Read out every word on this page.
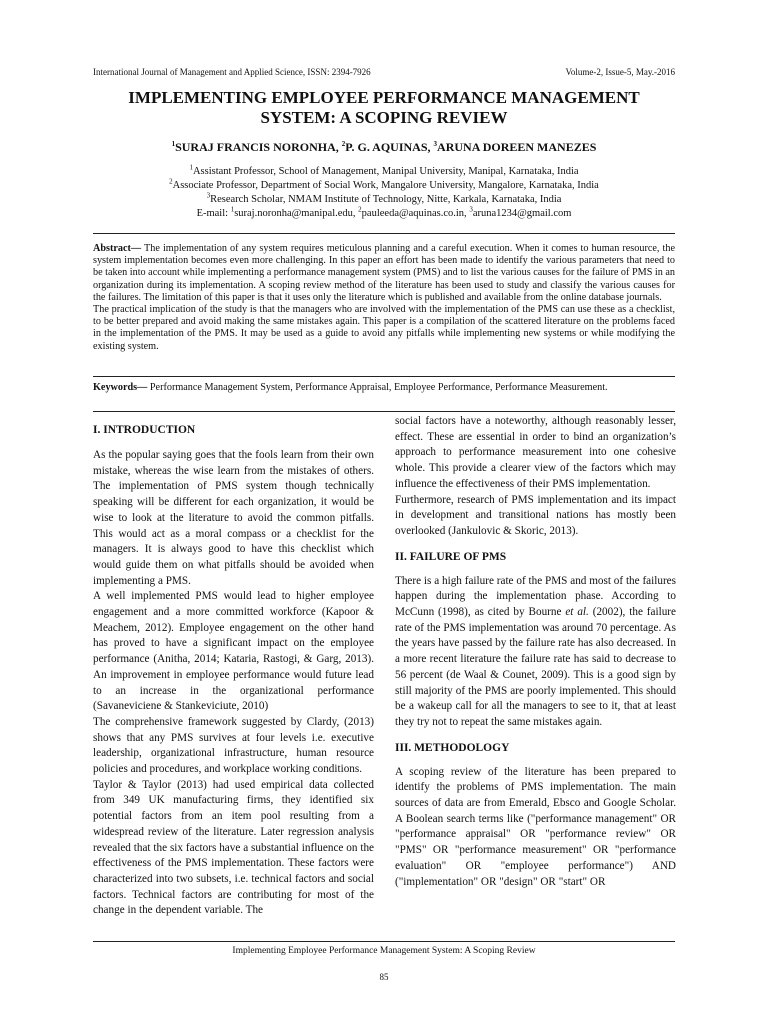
International Journal of Management and Applied Science, ISSN: 2394-7926	Volume-2, Issue-5, May.-2016
IMPLEMENTING EMPLOYEE PERFORMANCE MANAGEMENT
SYSTEM: A SCOPING REVIEW
$^1$SURAJ FRANCIS NORONHA, $^2$P. G. AQUINAS, $^3$ARUNA DOREEN MANEZES
$^1$Assistant Professor, School of Management, Manipal University, Manipal, Karnataka, India
$^2$Associate Professor, Department of Social Work, Mangalore University, Mangalore, Karnataka, India
$^3$Research Scholar, NMAM Institute of Technology, Nitte, Karkala, Karnataka, India
E-mail: $^1$suraj.noronha@manipal.edu, $^2$pauleeda@aquinas.co.in, $^3$aruna1234@gmail.com

Abstract— The implementation of any system requires meticulous planning and a careful execution. When it comes to human resource, the system implementation becomes even more challenging. In this paper an effort has been made to identify the various parameters that need to be taken into account while implementing a performance management system (PMS) and to list the various causes for the failure of PMS in an organization during its implementation. A scoping review method of the literature has been used to study and classify the various causes for the failures. The limitation of this paper is that it uses only the literature which is published and available from the online database journals.

The practical implication of the study is that the managers who are involved with the implementation of the PMS can use these as a checklist, to be better prepared and avoid making the same mistakes again. This paper is a compilation of the scattered literature on the problems faced in the implementation of the PMS. It may be used as a guide to avoid any pitfalls while implementing new systems or while modifying the existing system.

Keywords— Performance Management System, Performance Appraisal, Employee Performance, Performance Measurement.
I. INTRODUCTION

As the popular saying goes that the fools learn from their own mistake, whereas the wise learn from the mistakes of others. The implementation of PMS system though technically speaking will be different for each organization, it would be wise to look at the literature to avoid the common pitfalls. This would act as a moral compass or a checklist for the managers. It is always good to have this checklist which would guide them on what pitfalls should be avoided when implementing a PMS.

A well implemented PMS would lead to higher employee engagement and a more committed workforce (Kapoor & Meachem, 2012). Employee engagement on the other hand has proved to have a significant impact on the employee performance (Anitha, 2014; Kataria, Rastogi, & Garg, 2013). An improvement in employee performance would future lead to an increase in the organizational performance (Savaneviciene & Stankeviciute, 2010)

The comprehensive framework suggested by Clardy, (2013) shows that any PMS survives at four levels i.e. executive leadership, organizational infrastructure, human resource policies and procedures, and workplace working conditions.

Taylor & Taylor (2013) had used empirical data collected from 349 UK manufacturing firms, they identified six potential factors from an item pool resulting from a widespread review of the literature. Later regression analysis revealed that the six factors have a substantial influence on the effectiveness of the PMS implementation. These factors were characterized into two subsets, i.e. technical factors and social factors. Technical factors are contributing for most of the change in the dependent variable. The

social factors have a noteworthy, although reasonably lesser, effect. These are essential in order to bind an organization’s approach to performance measurement into one cohesive whole. This provide a clearer view of the factors which may influence the effectiveness of their PMS implementation.

Furthermore, research of PMS implementation and its impact in development and transitional nations has mostly been overlooked (Jankulovic & Skoric, 2013).

II. FAILURE OF PMS

There is a high failure rate of the PMS and most of the failures happen during the implementation phase. According to McCunn (1998), as cited by Bourne et al. (2002), the failure rate of the PMS implementation was around 70 percentage. As the years have passed by the failure rate has also decreased. In a more recent literature the failure rate has said to decrease to 56 percent (de Waal & Counet, 2009). This is a good sign by still majority of the PMS are poorly implemented. This should be a wakeup call for all the managers to see to it, that at least they try not to repeat the same mistakes again.

III. METHODOLOGY

A scoping review of the literature has been prepared to identify the problems of PMS implementation. The main sources of data are from Emerald, Ebsco and Google Scholar. A Boolean search terms like ("performance management" OR "performance appraisal" OR "performance review" OR "PMS" OR "performance measurement" OR "performance evaluation" OR "employee performance") AND ("implementation" OR "design" OR "start" OR

Implementing Employee Performance Management System: A Scoping Review
85
